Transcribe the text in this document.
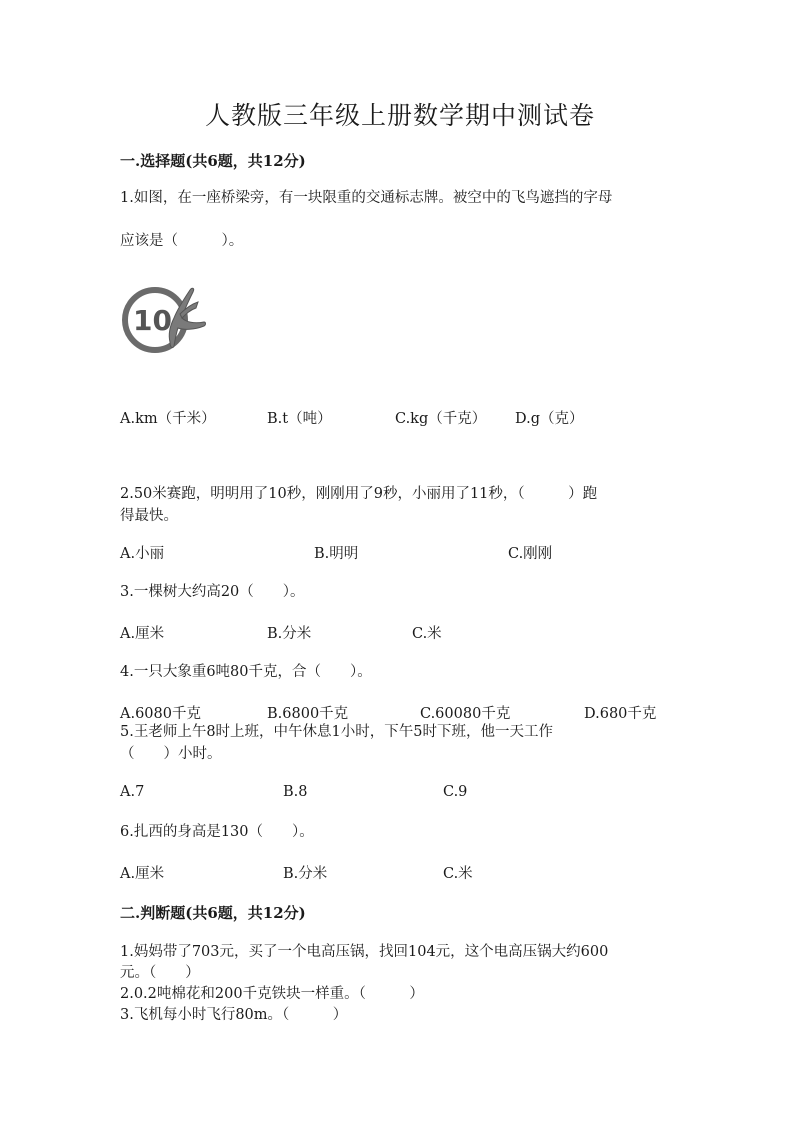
人教版三年级上册数学期中测试卷
一.选择题(共6题，共12分)
1.如图，在一座桥梁旁，有一块限重的交通标志牌。被空中的飞鸟遮挡的字母
应该是（　　　）。
10
A.km（千米）	B.t（吨）	C.kg（千克） D.g（克）
2.50米赛跑，明明用了10秒，刚刚用了9秒，小丽用了11秒，（　　　）跑
得最快。
A.小丽	B.明明	C.刚刚
3.一棵树大约高20（　　）。
A.厘米	B.分米	C.米
4.一只大象重6吨80千克，合（　　）。
A.6080千克	B.6800千克	C.60080千克	D.680千克
5.王老师上午8时上班，中午休息1小时，下午5时下班，他一天工作
（　　）小时。
A.7	B.8	C.9
6.扎西的身高是130（　　）。
A.厘米	B.分米	C.米
二.判断题(共6题，共12分)
1.妈妈带了703元，买了一个电高压锅，找回104元，这个电高压锅大约600
元。（　　）
2.0.2吨棉花和200千克铁块一样重。（　　　）
3.飞机每小时飞行80m。（　　　）
